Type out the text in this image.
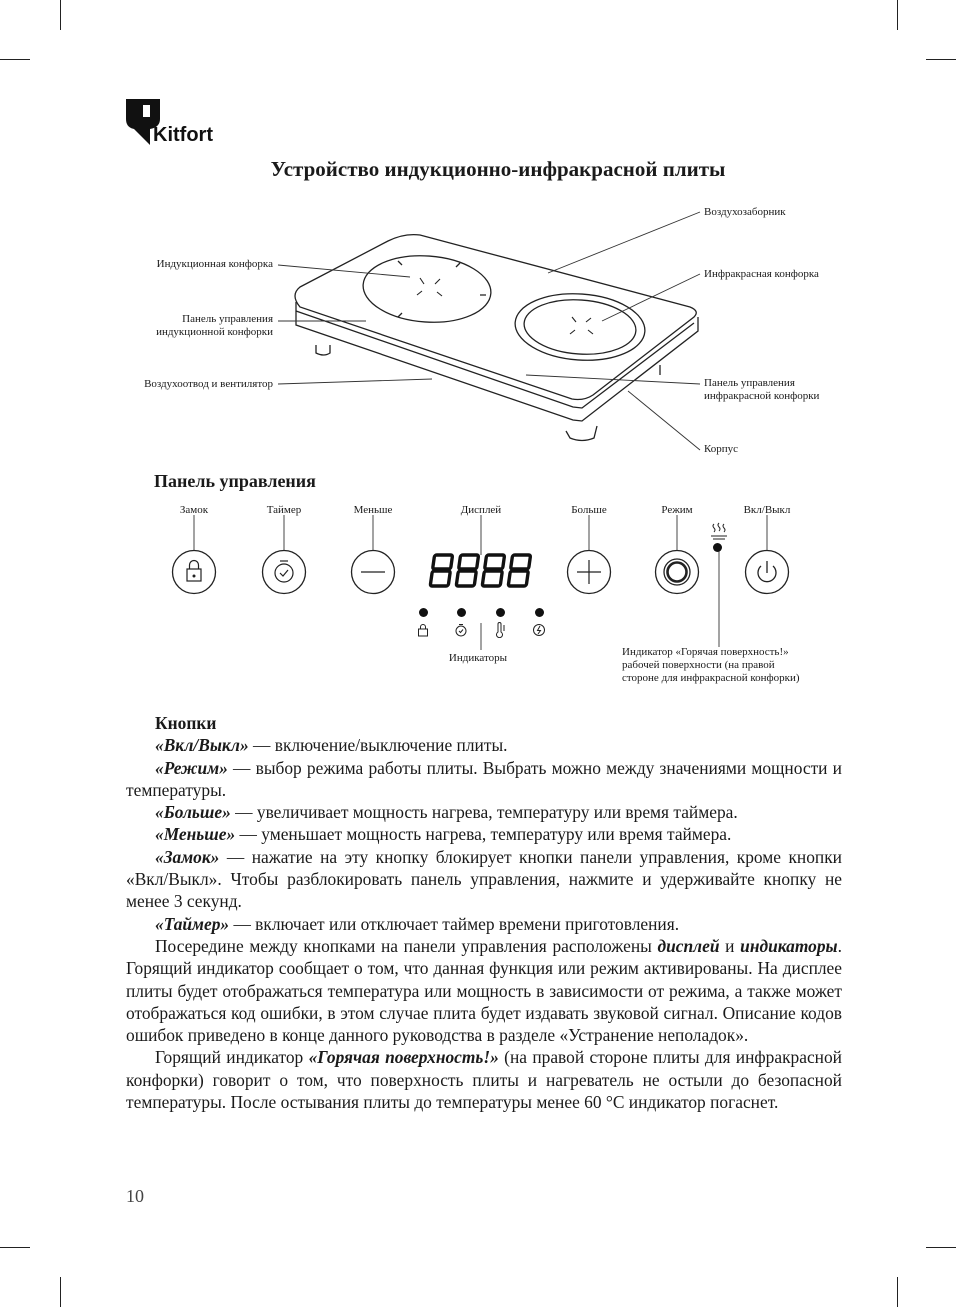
Kitfort
Устройство индукционно-инфракрасной плиты
Воздухозаборник
Индукционная конфорка
Инфракрасная конфорка
Панель управления
индукционной конфорки
Воздухоотвод и вентилятор	Панель управления
инфракрасной конфорки
Корпус
Панель управления
Замок	Таймер	Меньше	Дисплей	Больше	Режим	Вкл/Выкл
Индикаторы	Индикатор «Горячая поверхность!»
рабочей поверхности (на правой
стороне для инфракрасной конфорки)

Кнопки

«Вкл/Выкл» — включение/выключение плиты.

«Режим» — выбор режима работы плиты. Выбрать можно между значениями мощности и температуры.

«Больше» — увеличивает мощность нагрева, температуру или время таймера.

«Меньше» — уменьшает мощность нагрева, температуру или время таймера.

«Замок» — нажатие на эту кнопку блокирует кнопки панели управления, кроме кнопки «Вкл/Выкл». Чтобы разблокировать панель управления, нажмите и удерживайте кнопку не менее 3 секунд.

«Таймер» — включает или отключает таймер времени приготовления.

Посередине между кнопками на панели управления расположены дисплей и индикаторы. Горящий индикатор сообщает о том, что данная функция или режим активированы. На дисплее плиты будет отображаться температура или мощность в зависимости от режима, а также может отображаться код ошибки, в этом случае плита будет издавать звуковой сигнал. Описание кодов ошибок приведено в конце данного руководства в разделе «Устранение неполадок».

Горящий индикатор «Горячая поверхность!» (на правой стороне плиты для инфракрасной конфорки) говорит о том, что поверхность плиты и нагреватель не остыли до безопасной температуры. После остывания плиты до температуры менее 60 °С индикатор погаснет.

10
